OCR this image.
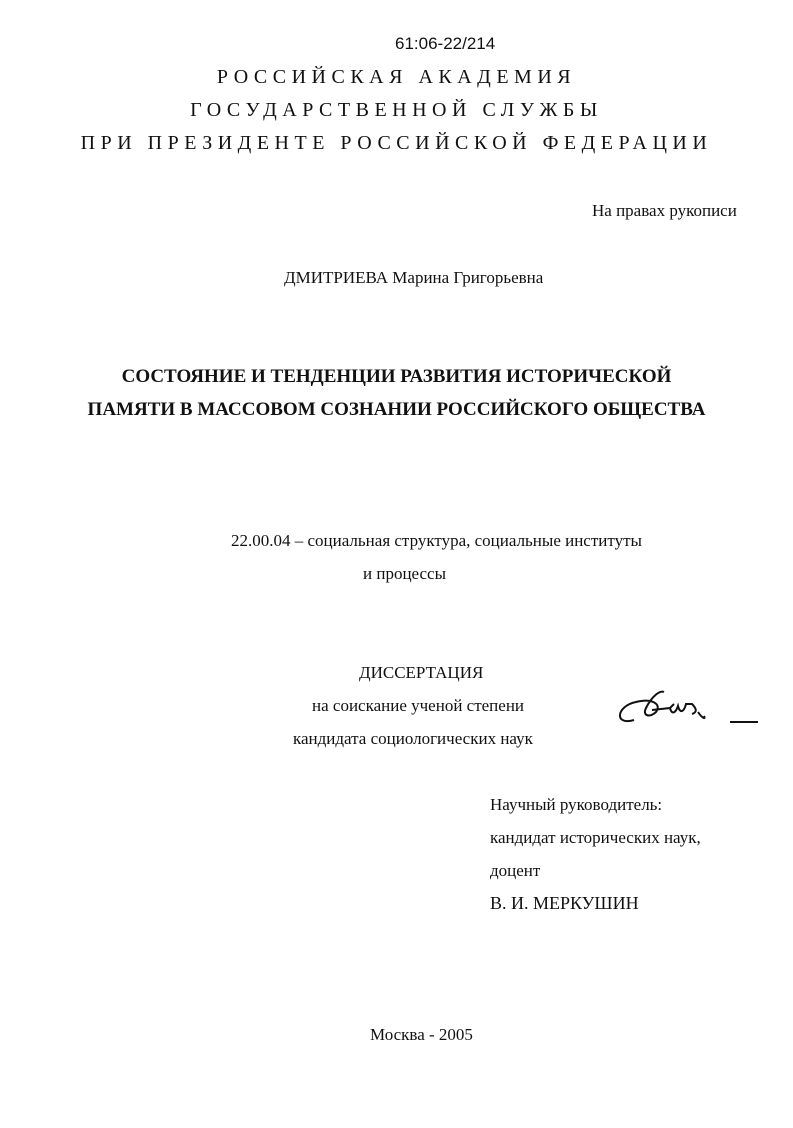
61:06-22/214
РОССИЙСКАЯ АКАДЕМИЯ
ГОСУДАРСТВЕННОЙ СЛУЖБЫ
ПРИ ПРЕЗИДЕНТЕ РОССИЙСКОЙ ФЕДЕРАЦИИ
На правах рукописи
ДМИТРИЕВА Марина Григорьевна
СОСТОЯНИЕ И ТЕНДЕНЦИИ РАЗВИТИЯ ИСТОРИЧЕСКОЙ
ПАМЯТИ В МАССОВОМ СОЗНАНИИ РОССИЙСКОГО ОБЩЕСТВА
22.00.04 – социальная структура, социальные институты
и процессы
ДИССЕРТАЦИЯ
на соискание ученой степени
кандидата социологических наук
Научный руководитель:
кандидат исторических наук,
доцент
В. И. МЕРКУШИН
Москва - 2005
